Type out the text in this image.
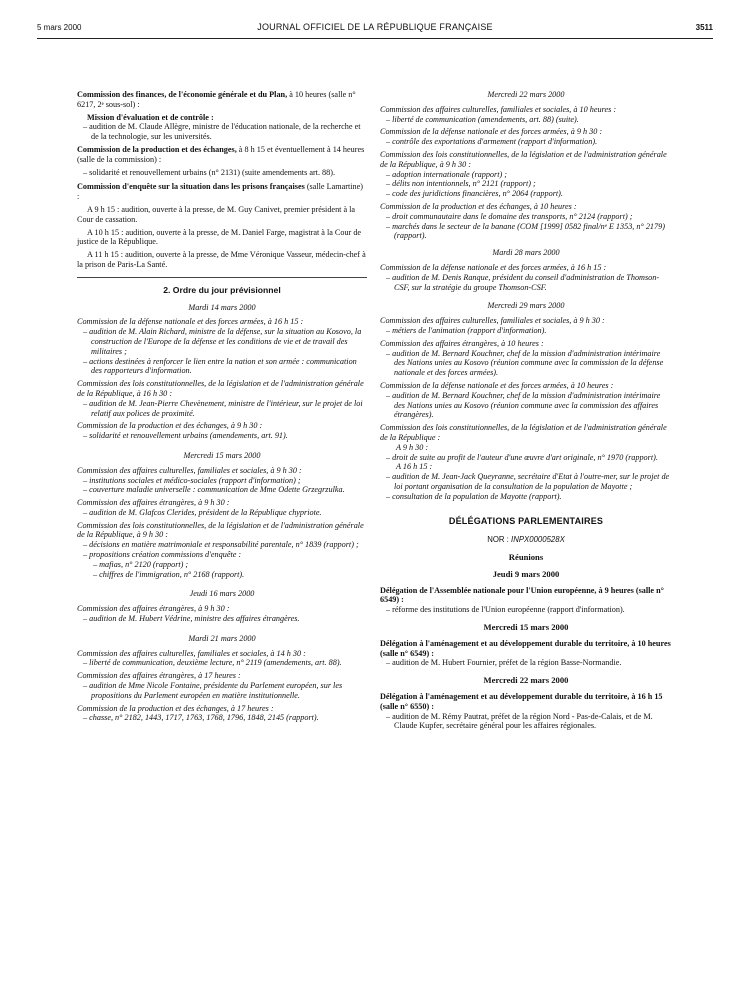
5 mars 2000	JOURNAL OFFICIEL DE LA RÉPUBLIQUE FRANÇAISE	3511
Commission des finances, de l'économie générale et du Plan, à 10 heures (salle n° 6217, 2ᵉ sous-sol) :
Mission d'évaluation et de contrôle :
– audition de M. Claude Allègre, ministre de l'éducation nationale, de la recherche et de la technologie, sur les universités.
Commission de la production et des échanges, à 8 h 15 et éventuellement à 14 heures (salle de la commission) :
– solidarité et renouvellement urbains (n° 2131) (suite amendements art. 88).
Commission d'enquête sur la situation dans les prisons françaises (salle Lamartine) :
A 9 h 15 : audition, ouverte à la presse, de M. Guy Canivet, premier président à la Cour de cassation.
A 10 h 15 : audition, ouverte à la presse, de M. Daniel Farge, magistrat à la Cour de justice de la République.
A 11 h 15 : audition, ouverte à la presse, de Mme Véronique Vasseur, médecin-chef à la prison de Paris-La Santé.
2. Ordre du jour prévisionnel
Mardi 14 mars 2000
Commission de la défense nationale et des forces armées, à 16 h 15 :
– audition de M. Alain Richard, ministre de la défense, sur la situation au Kosovo, la construction de l'Europe de la défense et les conditions de vie et de travail des militaires ;
– actions destinées à renforcer le lien entre la nation et son armée : communication des rapporteurs d'information.
Commission des lois constitutionnelles, de la législation et de l'administration générale de la République, à 16 h 30 :
– audition de M. Jean-Pierre Chevènement, ministre de l'intérieur, sur le projet de loi relatif aux polices de proximité.
Commission de la production et des échanges, à 9 h 30 :
– solidarité et renouvellement urbains (amendements, art. 91).
Mercredi 15 mars 2000
Commission des affaires culturelles, familiales et sociales, à 9 h 30 :
– institutions sociales et médico-sociales (rapport d'information) ;
– couverture maladie universelle : communication de Mme Odette Grzegrzulka.
Commission des affaires étrangères, à 9 h 30 :
– audition de M. Glafcos Clerides, président de la République chypriote.
Commission des lois constitutionnelles, de la législation et de l'administration générale de la République, à 9 h 30 :
– décisions en matière matrimoniale et responsabilité parentale, n° 1839 (rapport) ;
– propositions création commissions d'enquête :
– mafias, n° 2120 (rapport) ;
– chiffres de l'immigration, n° 2168 (rapport).
Jeudi 16 mars 2000
Commission des affaires étrangères, à 9 h 30 :
– audition de M. Hubert Védrine, ministre des affaires étrangères.
Mardi 21 mars 2000
Commission des affaires culturelles, familiales et sociales, à 14 h 30 :
– liberté de communication, deuxième lecture, n° 2119 (amendements, art. 88).
Commission des affaires étrangères, à 17 heures :
– audition de Mme Nicole Fontaine, présidente du Parlement européen, sur les propositions du Parlement européen en matière institutionnelle.
Commission de la production et des échanges, à 17 heures :
– chasse, n° 2182, 1443, 1717, 1763, 1768, 1796, 1848, 2145 (rapport).
Mercredi 22 mars 2000
Commission des affaires culturelles, familiales et sociales, à 10 heures :
– liberté de communication (amendements, art. 88) (suite).
Commission de la défense nationale et des forces armées, à 9 h 30 :
– contrôle des exportations d'armement (rapport d'information).
Commission des lois constitutionnelles, de la législation et de l'administration générale de la République, à 9 h 30 :
– adoption internationale (rapport) ;
– délits non intentionnels, n° 2121 (rapport) ;
– code des juridictions financières, n° 2064 (rapport).
Commission de la production et des échanges, à 10 heures :
– droit communautaire dans le domaine des transports, n° 2124 (rapport) ;
– marchés dans le secteur de la banane (COM [1999] 0582 final/nᵉ E 1353, n° 2179) (rapport).
Mardi 28 mars 2000
Commission de la défense nationale et des forces armées, à 16 h 15 :
– audition de M. Denis Ranque, président du conseil d'administration de Thomson-CSF, sur la stratégie du groupe Thomson-CSF.
Mercredi 29 mars 2000
Commission des affaires culturelles, familiales et sociales, à 9 h 30 :
– métiers de l'animation (rapport d'information).
Commission des affaires étrangères, à 10 heures :
– audition de M. Bernard Kouchner, chef de la mission d'administration intérimaire des Nations unies au Kosovo (réunion commune avec la commission de la défense nationale et des forces armées).
Commission de la défense nationale et des forces armées, à 10 heures :
– audition de M. Bernard Kouchner, chef de la mission d'administration intérimaire des Nations unies au Kosovo (réunion commune avec la commission des affaires étrangères).
Commission des lois constitutionnelles, de la législation et de l'administration générale de la République :
A 9 h 30 :
– droit de suite au profit de l'auteur d'une œuvre d'art originale, n° 1970 (rapport).
A 16 h 15 :
– audition de M. Jean-Jack Queyranne, secrétaire d'Etat à l'outre-mer, sur le projet de loi portant organisation de la consultation de la population de Mayotte ;
– consultation de la population de Mayotte (rapport).
DÉLÉGATIONS PARLEMENTAIRES
NOR : INPX0000528X
Réunions
Jeudi 9 mars 2000
Délégation de l'Assemblée nationale pour l'Union européenne, à 9 heures (salle n° 6549) :
– réforme des institutions de l'Union européenne (rapport d'information).
Mercredi 15 mars 2000
Délégation à l'aménagement et au développement durable du territoire, à 10 heures (salle n° 6549) :
– audition de M. Hubert Fournier, préfet de la région Basse-Normandie.
Mercredi 22 mars 2000
Délégation à l'aménagement et au développement durable du territoire, à 16 h 15 (salle n° 6550) :
– audition de M. Rémy Pautrat, préfet de la région Nord - Pas-de-Calais, et de M. Claude Kupfer, secrétaire général pour les affaires régionales.
